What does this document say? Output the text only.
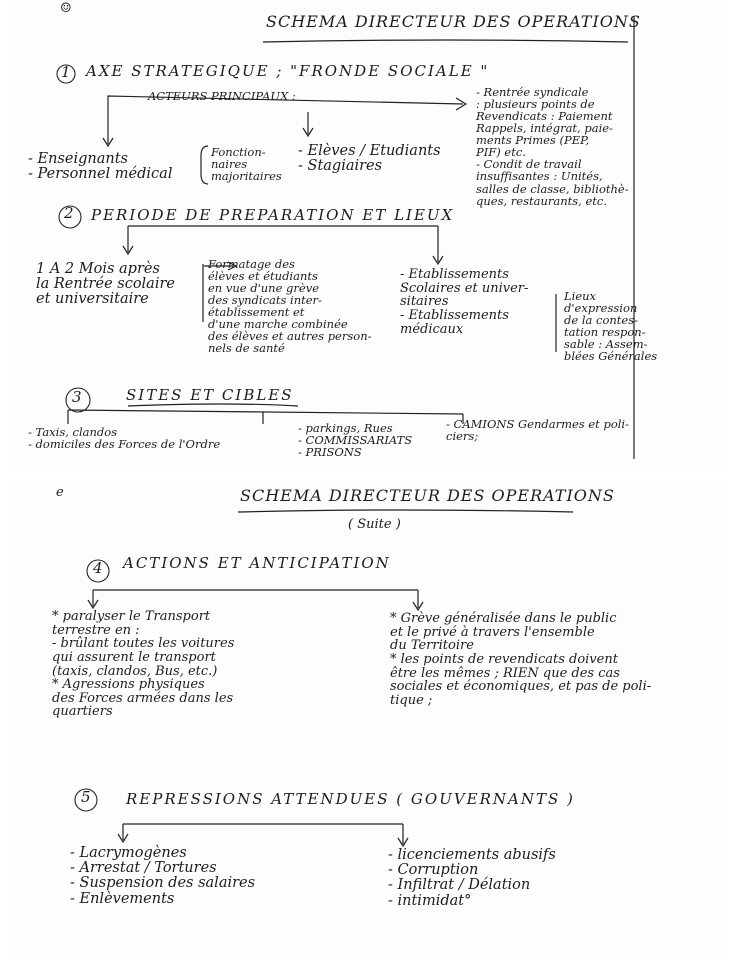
☺
SCHEMA DIRECTEUR DES OPERATIONS
1 AXE STRATEGIQUE ; "FRONDE SOCIALE "
ACTEURS PRINCIPAUX :
- Enseignants
- Personnel médical
Fonction-
naires
majoritaires
- Elèves / Etudiants
- Stagiaires
- Rentrée syndicale
: plusieurs points de
Revendicats : Paiement
Rappels, intégrat, paie-
ments Primes (PEP,
PIF) etc.
- Condit de travail
insuffisantes : Unités,
salles de classe, bibliothè-
ques, restaurants, etc.
2 PERIODE DE PREPARATION ET LIEUX
1 A 2 Mois après
la Rentrée scolaire
et universitaire
Formatage des
élèves et étudiants
en vue d'une grève
des syndicats inter-
établissement et
d'une marche combinée
des élèves et autres person-
nels de santé
- Etablissements
Scolaires et univer-
sitaires
- Etablissements
médicaux
Lieux
d'expression
de la contes-
tation respon-
sable : Assem-
blées Générales
3	SITES ET CIBLES
- Taxis, clandos
- domiciles des Forces de l'Ordre
- parkings, Rues
- COMMISSARIATS
- PRISONS
- CAMIONS Gendarmes et poli-
ciers;
e	SCHEMA DIRECTEUR DES OPERATIONS
( Suite )
4 ACTIONS ET ANTICIPATION
* paralyser le Transport
terrestre en :
- brûlant toutes les voitures
qui assurent le transport
(taxis, clandos, Bus, etc.)
* Agressions physiques
des Forces armées dans les
quartiers
* Grève généralisée dans le public
et le privé à travers l'ensemble
du Territoire
* les points de revendicats doivent
être les mêmes ; RIEN que des cas
sociales et économiques, et pas de poli-
tique ;
5 REPRESSIONS ATTENDUES ( GOUVERNANTS )
- Lacrymogènes
- Arrestat / Tortures
- Suspension des salaires
- Enlèvements
- licenciements abusifs
- Corruption
- Infiltrat / Délation
- intimidat°
